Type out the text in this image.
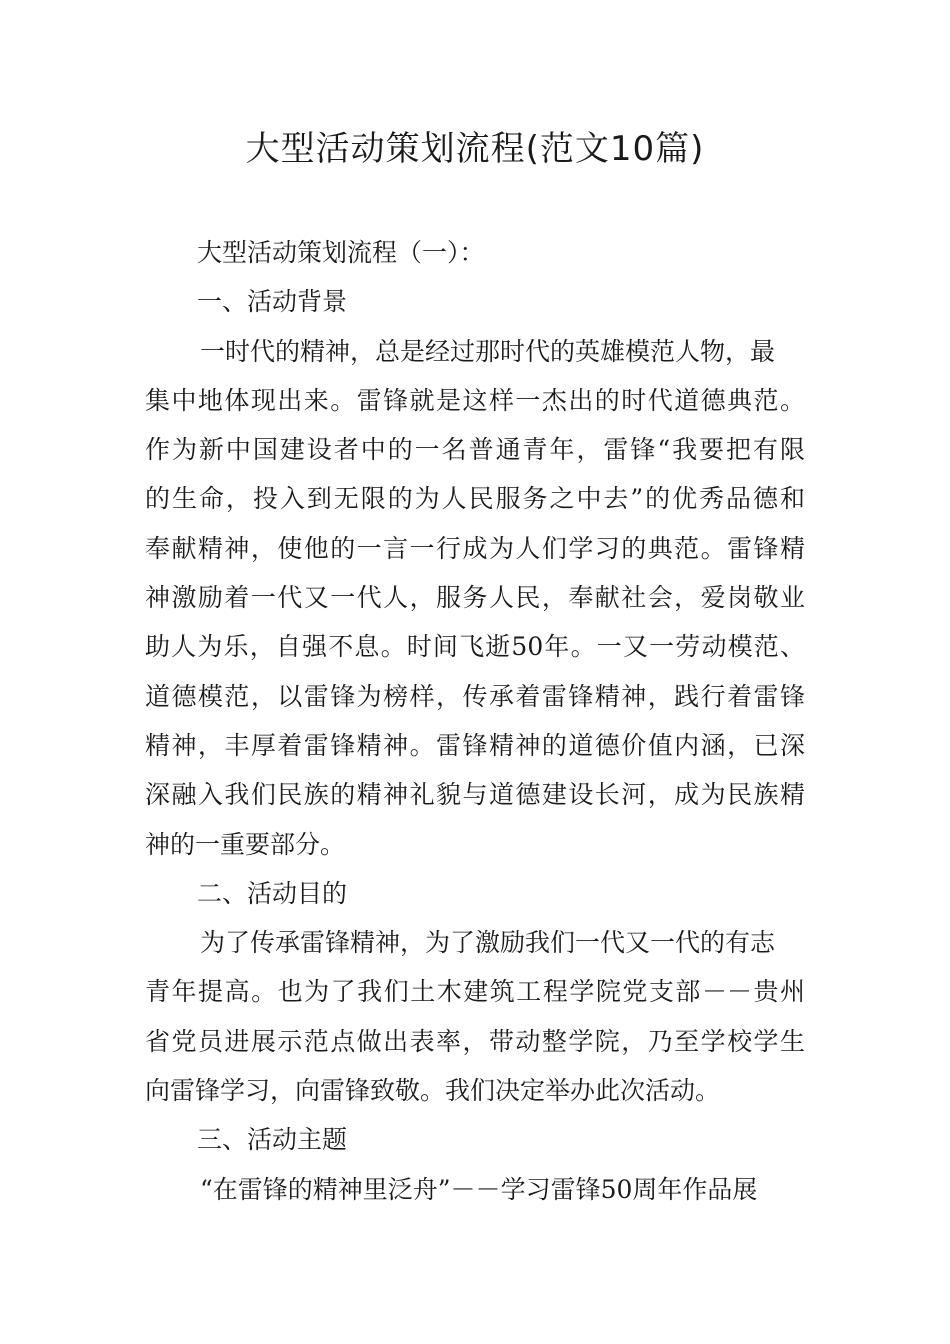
大型活动策划流程(范文10篇)
大型活动策划流程（一）：
一、活动背景
一时代的精神，总是经过那时代的英雄模范人物，最
集中地体现出来。雷锋就是这样一杰出的时代道德典范。
作为新中国建设者中的一名普通青年，雷锋“我要把有限
的生命，投入到无限的为人民服务之中去”的优秀品德和
奉献精神，使他的一言一行成为人们学习的典范。雷锋精
神激励着一代又一代人，服务人民，奉献社会，爱岗敬业
助人为乐，自强不息。时间飞逝50年。一又一劳动模范、
道德模范，以雷锋为榜样，传承着雷锋精神，践行着雷锋
精神，丰厚着雷锋精神。雷锋精神的道德价值内涵，已深
深融入我们民族的精神礼貌与道德建设长河，成为民族精
神的一重要部分。
二、活动目的
为了传承雷锋精神，为了激励我们一代又一代的有志
青年提高。也为了我们土木建筑工程学院党支部－－贵州
省党员进展示范点做出表率，带动整学院，乃至学校学生
向雷锋学习，向雷锋致敬。我们决定举办此次活动。
三、活动主题
“在雷锋的精神里泛舟”－－学习雷锋50周年作品展
